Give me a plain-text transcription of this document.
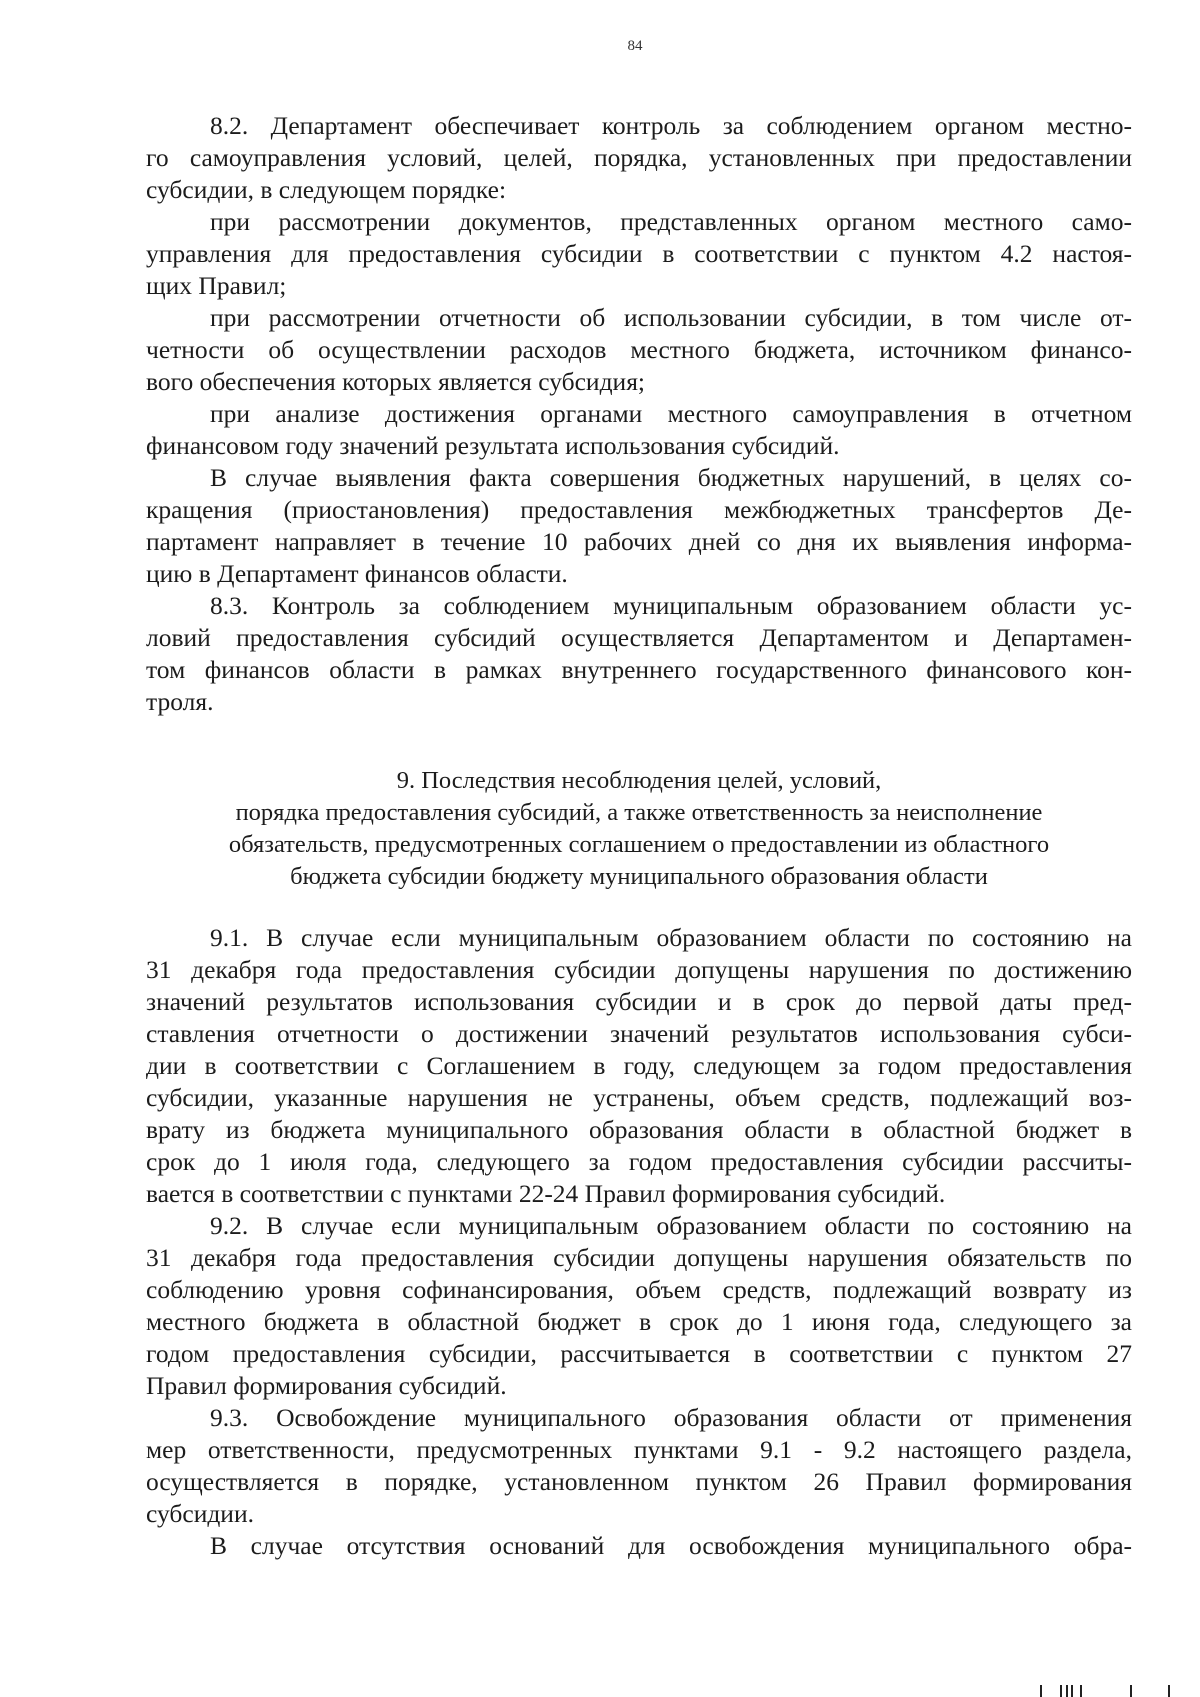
84
8.2. Департамент обеспечивает контроль за соблюдением органом местно-
го самоуправления условий, целей, порядка, установленных при предоставлении
субсидии, в следующем порядке:
при рассмотрении документов, представленных органом местного само-
управления для предоставления субсидии в соответствии с пунктом 4.2 настоя-
щих Правил;
при рассмотрении отчетности об использовании субсидии, в том числе от-
четности об осуществлении расходов местного бюджета, источником финансо-
вого обеспечения которых является субсидия;
при анализе достижения органами местного самоуправления в отчетном
финансовом году значений результата использования субсидий.
В случае выявления факта совершения бюджетных нарушений, в целях со-
кращения (приостановления) предоставления межбюджетных трансфертов Де-
партамент направляет в течение 10 рабочих дней со дня их выявления информа-
цию в Департамент финансов области.
8.3. Контроль за соблюдением муниципальным образованием области ус-
ловий предоставления субсидий осуществляется Департаментом и Департамен-
том финансов области в рамках внутреннего государственного финансового кон-
троля.
9. Последствия несоблюдения целей, условий,
порядка предоставления субсидий, а также ответственность за неисполнение
обязательств, предусмотренных соглашением о предоставлении из областного
бюджета субсидии бюджету муниципального образования области
9.1. В случае если муниципальным образованием области по состоянию на
31 декабря года предоставления субсидии допущены нарушения по достижению
значений результатов использования субсидии и в срок до первой даты пред-
ставления отчетности о достижении значений результатов использования субси-
дии в соответствии с Соглашением в году, следующем за годом предоставления
субсидии, указанные нарушения не устранены, объем средств, подлежащий воз-
врату из бюджета муниципального образования области в областной бюджет в
срок до 1 июля года, следующего за годом предоставления субсидии рассчиты-
вается в соответствии с пунктами 22-24 Правил формирования субсидий.
9.2. В случае если муниципальным образованием области по состоянию на
31 декабря года предоставления субсидии допущены нарушения обязательств по
соблюдению уровня софинансирования, объем средств, подлежащий возврату из
местного бюджета в областной бюджет в срок до 1 июня года, следующего за
годом предоставления субсидии, рассчитывается в соответствии с пунктом 27
Правил формирования субсидий.
9.3. Освобождение муниципального образования области от применения
мер ответственности, предусмотренных пунктами 9.1 - 9.2 настоящего раздела,
осуществляется в порядке, установленном пунктом 26 Правил формирования
субсидии.
В случае отсутствия оснований для освобождения муниципального обра-
